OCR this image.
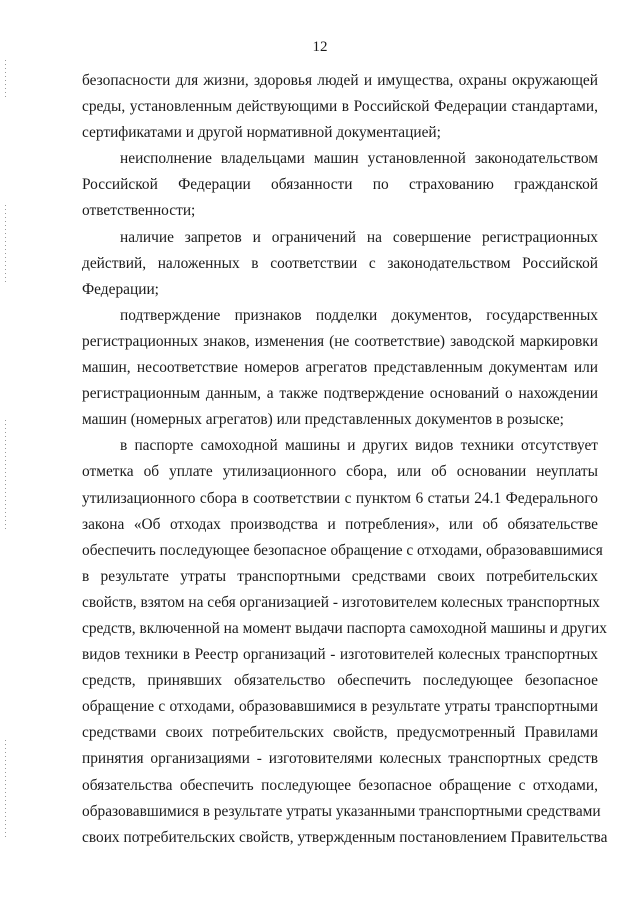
12
безопасности для жизни, здоровья людей и имущества, охраны окружающей
среды, установленным действующими в Российской Федерации стандартами,
сертификатами и другой нормативной документацией;
неисполнение владельцами машин установленной законодательством
Российской Федерации обязанности по страхованию гражданской
ответственности;
наличие запретов и ограничений на совершение регистрационных
действий, наложенных в соответствии с законодательством Российской
Федерации;
подтверждение признаков подделки документов, государственных
регистрационных знаков, изменения (не соответствие) заводской маркировки
машин, несоответствие номеров агрегатов представленным документам или
регистрационным данным, а также подтверждение оснований о нахождении
машин (номерных агрегатов) или представленных документов в розыске;
в паспорте самоходной машины и других видов техники отсутствует
отметка об уплате утилизационного сбора, или об основании неуплаты
утилизационного сбора в соответствии с пунктом 6 статьи 24.1 Федерального
закона «Об отходах производства и потребления», или об обязательстве
обеспечить последующее безопасное обращение с отходами, образовавшимися
в результате утраты транспортными средствами своих потребительских
свойств, взятом на себя организацией - изготовителем колесных транспортных
средств, включенной на момент выдачи паспорта самоходной машины и других
видов техники в Реестр организаций - изготовителей колесных транспортных
средств, принявших обязательство обеспечить последующее безопасное
обращение с отходами, образовавшимися в результате утраты транспортными
средствами своих потребительских свойств, предусмотренный Правилами
принятия организациями - изготовителями колесных транспортных средств
обязательства обеспечить последующее безопасное обращение с отходами,
образовавшимися в результате утраты указанными транспортными средствами
своих потребительских свойств, утвержденным постановлением Правительства
